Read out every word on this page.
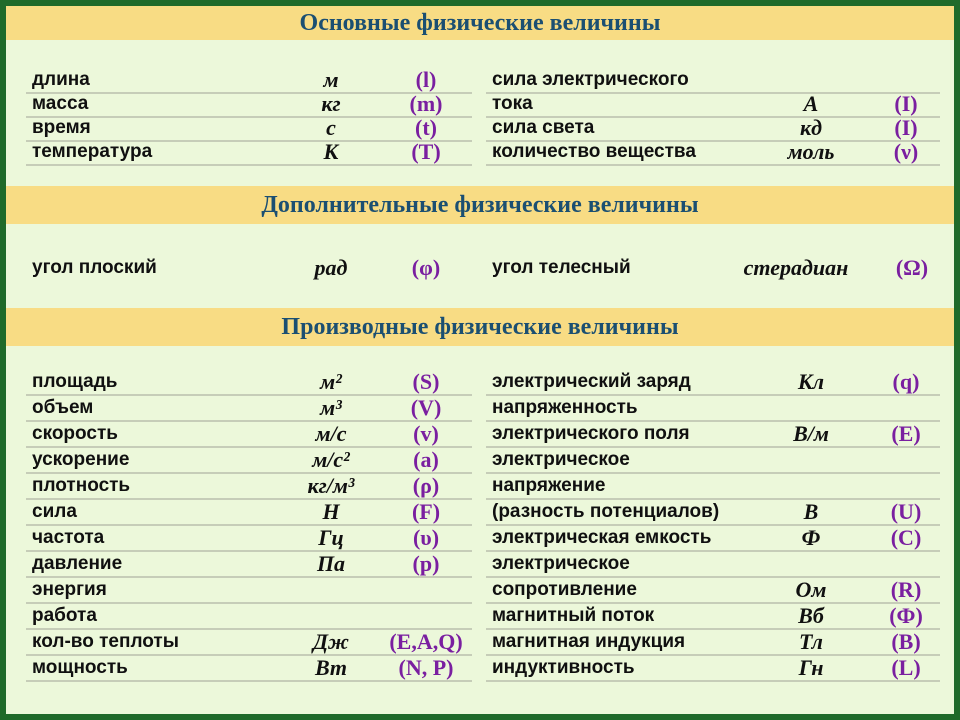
Основные физические величины
длина	м	(l)
масса	кг	(m)
время	с	(t)
температура	К	(T)
сила электрического
тока	А	(I)
сила света	кд	(I)
количество вещества	моль	(ν)
Дополнительные физические величины
угол плоский	рад	(φ)	угол телесный	стерадиан (Ω)
Производные физические величины
площадь	м²	(S)
объем	м³	(V)
скорость	м/с	(v)
ускорение	м/с²	(a)
плотность	кг/м³	(ρ)
сила	Н	(F)
частота	Гц	(υ)
давление	Па	(p)
энергия
работа
кол-во теплоты	Дж (E,A,Q)
мощность	Вт (N, P)
электрический заряд	Кл	(q)
напряженность
электрического поля	В/м	(E)
электрическое
напряжение
(разность потенциалов)	В	(U)
электрическая емкость	Ф	(C)
электрическое
сопротивление	Ом	(R)
магнитный поток	Вб	(Ф)
магнитная индукция	Тл	(B)
индуктивность	Гн	(L)
